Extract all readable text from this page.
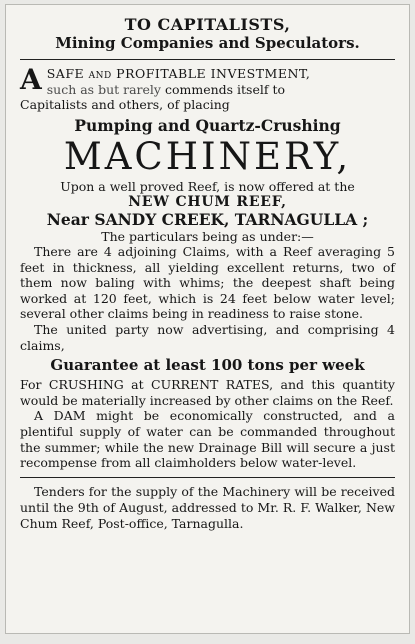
TO CAPITALISTS,
Mining Companies and Speculators.
A SAFE and PROFITABLE INVESTMENT,
such as but rarely commends itself to
Capitalists and others, of placing
Pumping and Quartz-Crushing
MACHINERY,
Upon a well proved Reef, is now offered at the
NEW CHUM REEF,
Near SANDY CREEK, TARNAGULLA ;
The particulars being as under:—

There are 4 adjoining Claims, with a Reef averaging 5 feet in thickness, all yielding excellent returns, two of them now baling with whims; the deepest shaft being worked at 120 feet, which is 24 feet below water level; several other claims being in readiness to raise stone.

The united party now advertising, and comprising 4 claims,

Guarantee at least 100 tons per week

For CRUSHING at CURRENT RATES, and this quantity would be materially increased by other claims on the Reef.

A DAM might be economically constructed, and a plentiful supply of water can be commanded throughout the summer; while the new Drainage Bill will secure a just recompense from all claimholders below water-level.

Tenders for the supply of the Machinery will be received until the 9th of August, addressed to Mr. R. F. Walker, New Chum Reef, Post-office, Tarnagulla.
